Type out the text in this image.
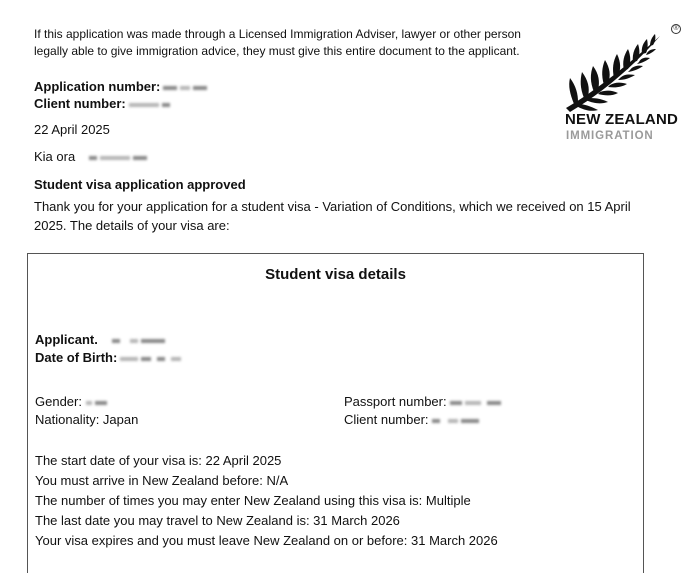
If this application was made through a Licensed Immigration Adviser, lawyer or other person legally able to give immigration advice, they must give this entire document to the applicant.
®
NEW ZEALAND
IMMIGRATION
Application number:
Client number:
22 April 2025
Kia ora
Student visa application approved
Thank you for your application for a student visa - Variation of Conditions, which we received on 15 April 2025. The details of your visa are:
Student visa details
Applicant.
Date of Birth:
Gender:
Nationality: Japan
Passport number:
Client number:
The start date of your visa is: 22 April 2025
You must arrive in New Zealand before: N/A
The number of times you may enter New Zealand using this visa is: Multiple
The last date you may travel to New Zealand is: 31 March 2026
Your visa expires and you must leave New Zealand on or before: 31 March 2026
